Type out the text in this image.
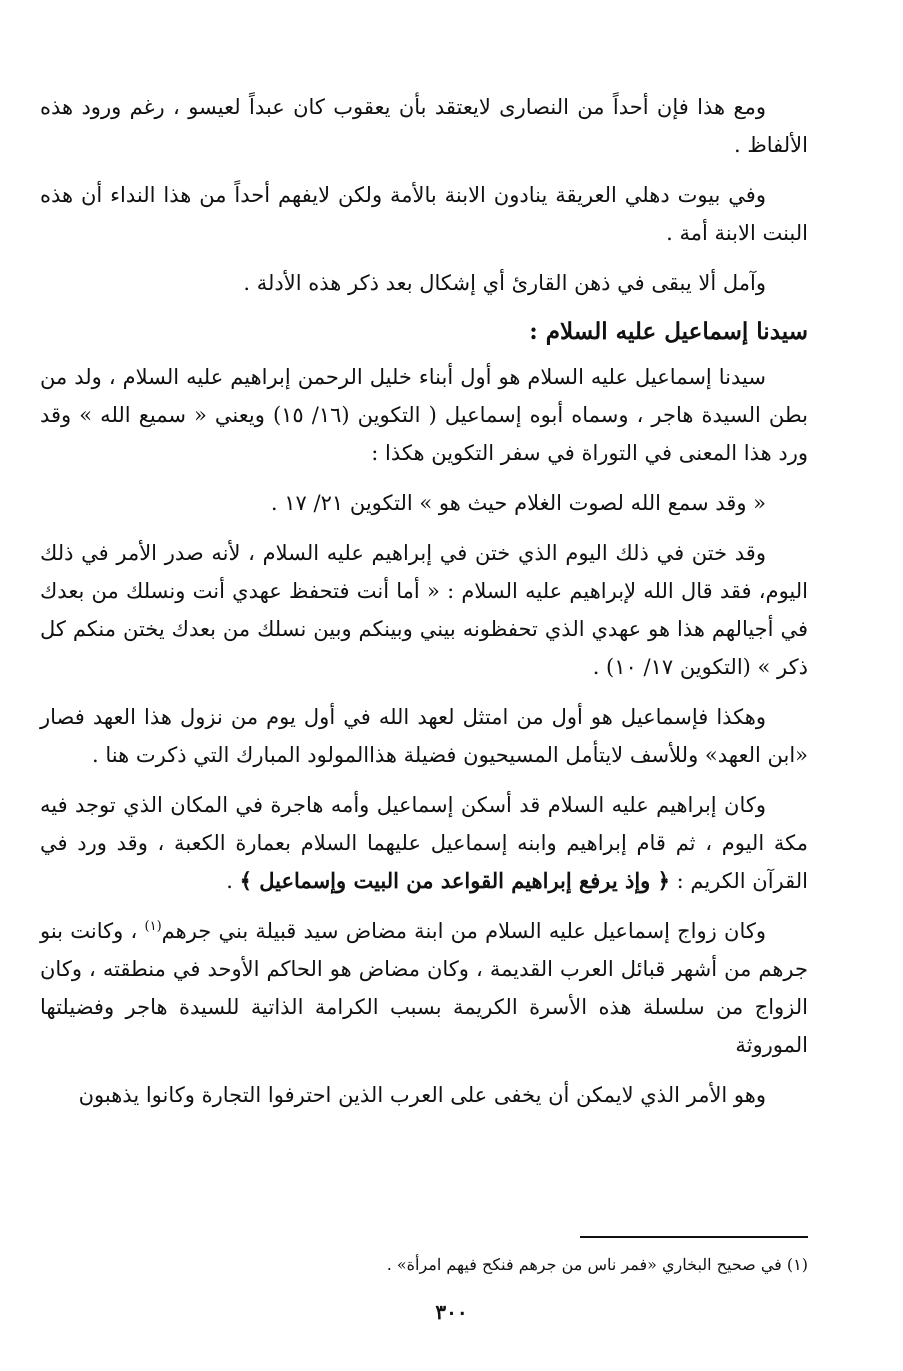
ومع هذا فإن أحداً من النصارى لايعتقد بأن يعقوب كان عبداً لعيسو ، رغم ورود هذه الألفاظ .

وفي بيوت دهلي العريقة ينادون الابنة بالأمة ولكن لايفهم أحداً من هذا النداء أن هذه البنت الابنة أمة .

وآمل ألا يبقى في ذهن القارئ أي إشكال بعد ذكر هذه الأدلة .

سيدنا إسماعيل عليه السلام :

سيدنا إسماعيل عليه السلام هو أول أبناء خليل الرحمن إبراهيم عليه السلام ، ولد من بطن السيدة هاجر ، وسماه أبوه إسماعيل ( التكوين (١٦/ ١٥) ويعني « سميع الله » وقد ورد هذا المعنى في التوراة في سفر التكوين هكذا :

« وقد سمع الله لصوت الغلام حيث هو » التكوين ٢١/ ١٧ .

وقد ختن في ذلك اليوم الذي ختن في إبراهيم عليه السلام ، لأنه صدر الأمر في ذلك اليوم، فقد قال الله لإبراهيم عليه السلام : « أما أنت فتحفظ عهدي أنت ونسلك من بعدك في أجيالهم هذا هو عهدي الذي تحفظونه بيني وبينكم وبين نسلك من بعدك يختن منكم كل ذكر » (التكوين ١٧/ ١٠) .

وهكذا فإسماعيل هو أول من امتثل لعهد الله في أول يوم من نزول هذا العهد فصار «ابن العهد» وللأسف لايتأمل المسيحيون فضيلة هذاالمولود المبارك التي ذكرت هنا .

وكان إبراهيم عليه السلام قد أسكن إسماعيل وأمه هاجرة في المكان الذي توجد فيه مكة اليوم ، ثم قام إبراهيم وابنه إسماعيل عليهما السلام بعمارة الكعبة ، وقد ورد في القرآن الكريم : ﴿ وإذ يرفع إبراهيم القواعد من البيت وإسماعيل ﴾ .

وكان زواج إسماعيل عليه السلام من ابنة مضاض سيد قبيلة بني جرهم$^{(١)}$ ، وكانت بنو جرهم من أشهر قبائل العرب القديمة ، وكان مضاض هو الحاكم الأوحد في منطقته ، وكان الزواج من سلسلة هذه الأسرة الكريمة بسبب الكرامة الذاتية للسيدة هاجر وفضيلتها الموروثة

وهو الأمر الذي لايمكن أن يخفى على العرب الذين احترفوا التجارة وكانوا يذهبون

(١) في صحيح البخاري «فمر ناس من جرهم فنكح فيهم امرأة» .
٣٠٠
